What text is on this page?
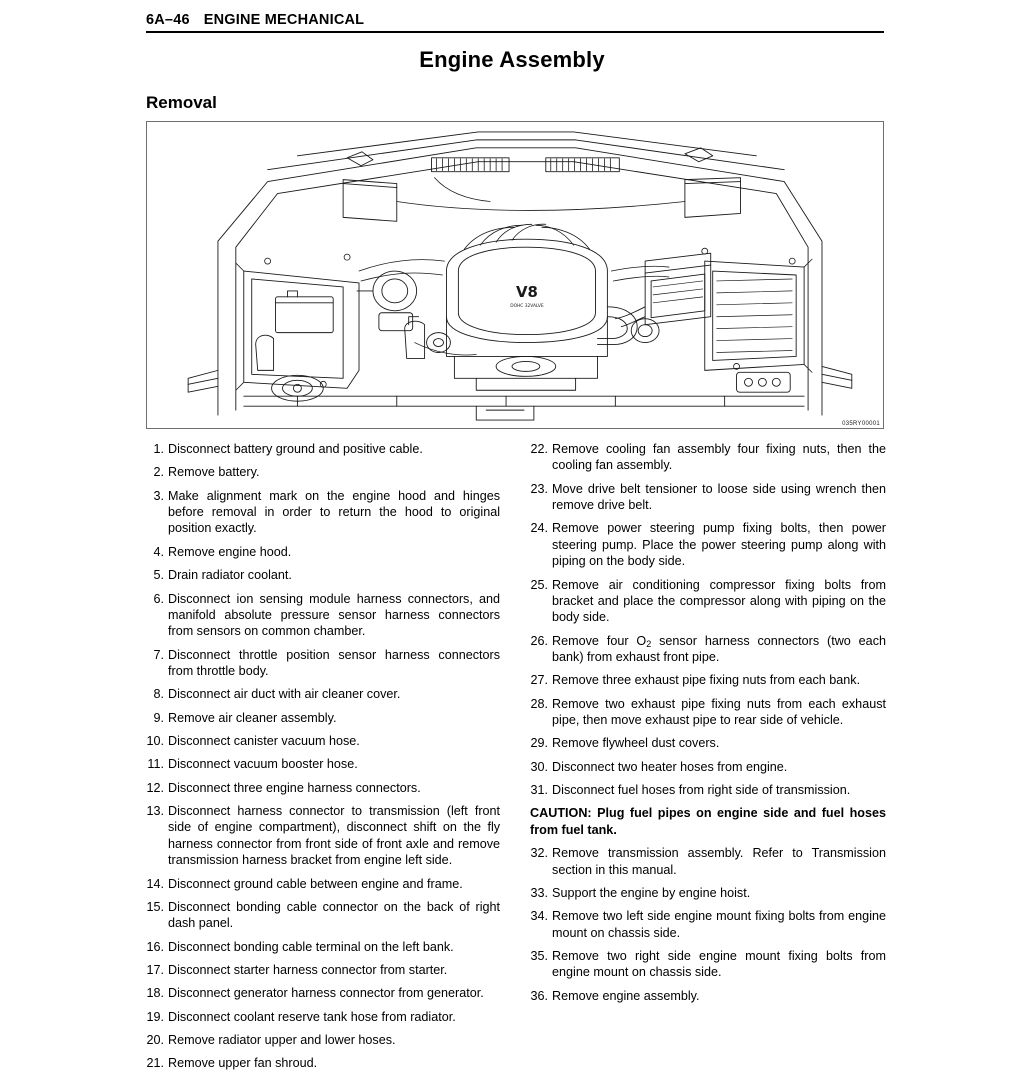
6A–46 ENGINE MECHANICAL
Engine Assembly
Removal
V8
DOHC 32VALVE
035RY00001
1. Disconnect battery ground and positive cable.
2. Remove battery.
3. Make alignment mark on the engine hood and hinges before removal in order to return the hood to original position exactly.
4. Remove engine hood.
5. Drain radiator coolant.
6. Disconnect ion sensing module harness connectors, and manifold absolute pressure sensor harness connectors from sensors on common chamber.
7. Disconnect throttle position sensor harness connectors from throttle body.
8. Disconnect air duct with air cleaner cover.
9. Remove air cleaner assembly.
10. Disconnect canister vacuum hose.
11. Disconnect vacuum booster hose.
12. Disconnect three engine harness connectors.
13. Disconnect harness connector to transmission (left front side of engine compartment), disconnect shift on the fly harness connector from front side of front axle and remove transmission harness bracket from engine left side.
14. Disconnect ground cable between engine and frame.
15. Disconnect bonding cable connector on the back of right dash panel.
16. Disconnect bonding cable terminal on the left bank.
17. Disconnect starter harness connector from starter.
18. Disconnect generator harness connector from generator.
19. Disconnect coolant reserve tank hose from radiator.
20. Remove radiator upper and lower hoses.
21. Remove upper fan shroud.
22. Remove cooling fan assembly four fixing nuts, then the cooling fan assembly.
23. Move drive belt tensioner to loose side using wrench then remove drive belt.
24. Remove power steering pump fixing bolts, then power steering pump. Place the power steering pump along with piping on the body side.
25. Remove air conditioning compressor fixing bolts from bracket and place the compressor along with piping on the body side.
26. Remove four $O_2$ sensor harness connectors (two each bank) from exhaust front pipe.
27. Remove three exhaust pipe fixing nuts from each bank.
28. Remove two exhaust pipe fixing nuts from each exhaust pipe, then move exhaust pipe to rear side of vehicle.
29. Remove flywheel dust covers.
30. Disconnect two heater hoses from engine.
31. Disconnect fuel hoses from right side of transmission.
CAUTION: Plug fuel pipes on engine side and fuel hoses from fuel tank.
32. Remove transmission assembly. Refer to Transmission section in this manual.
33. Support the engine by engine hoist.
34. Remove two left side engine mount fixing bolts from engine mount on chassis side.
35. Remove two right side engine mount fixing bolts from engine mount on chassis side.
36. Remove engine assembly.
